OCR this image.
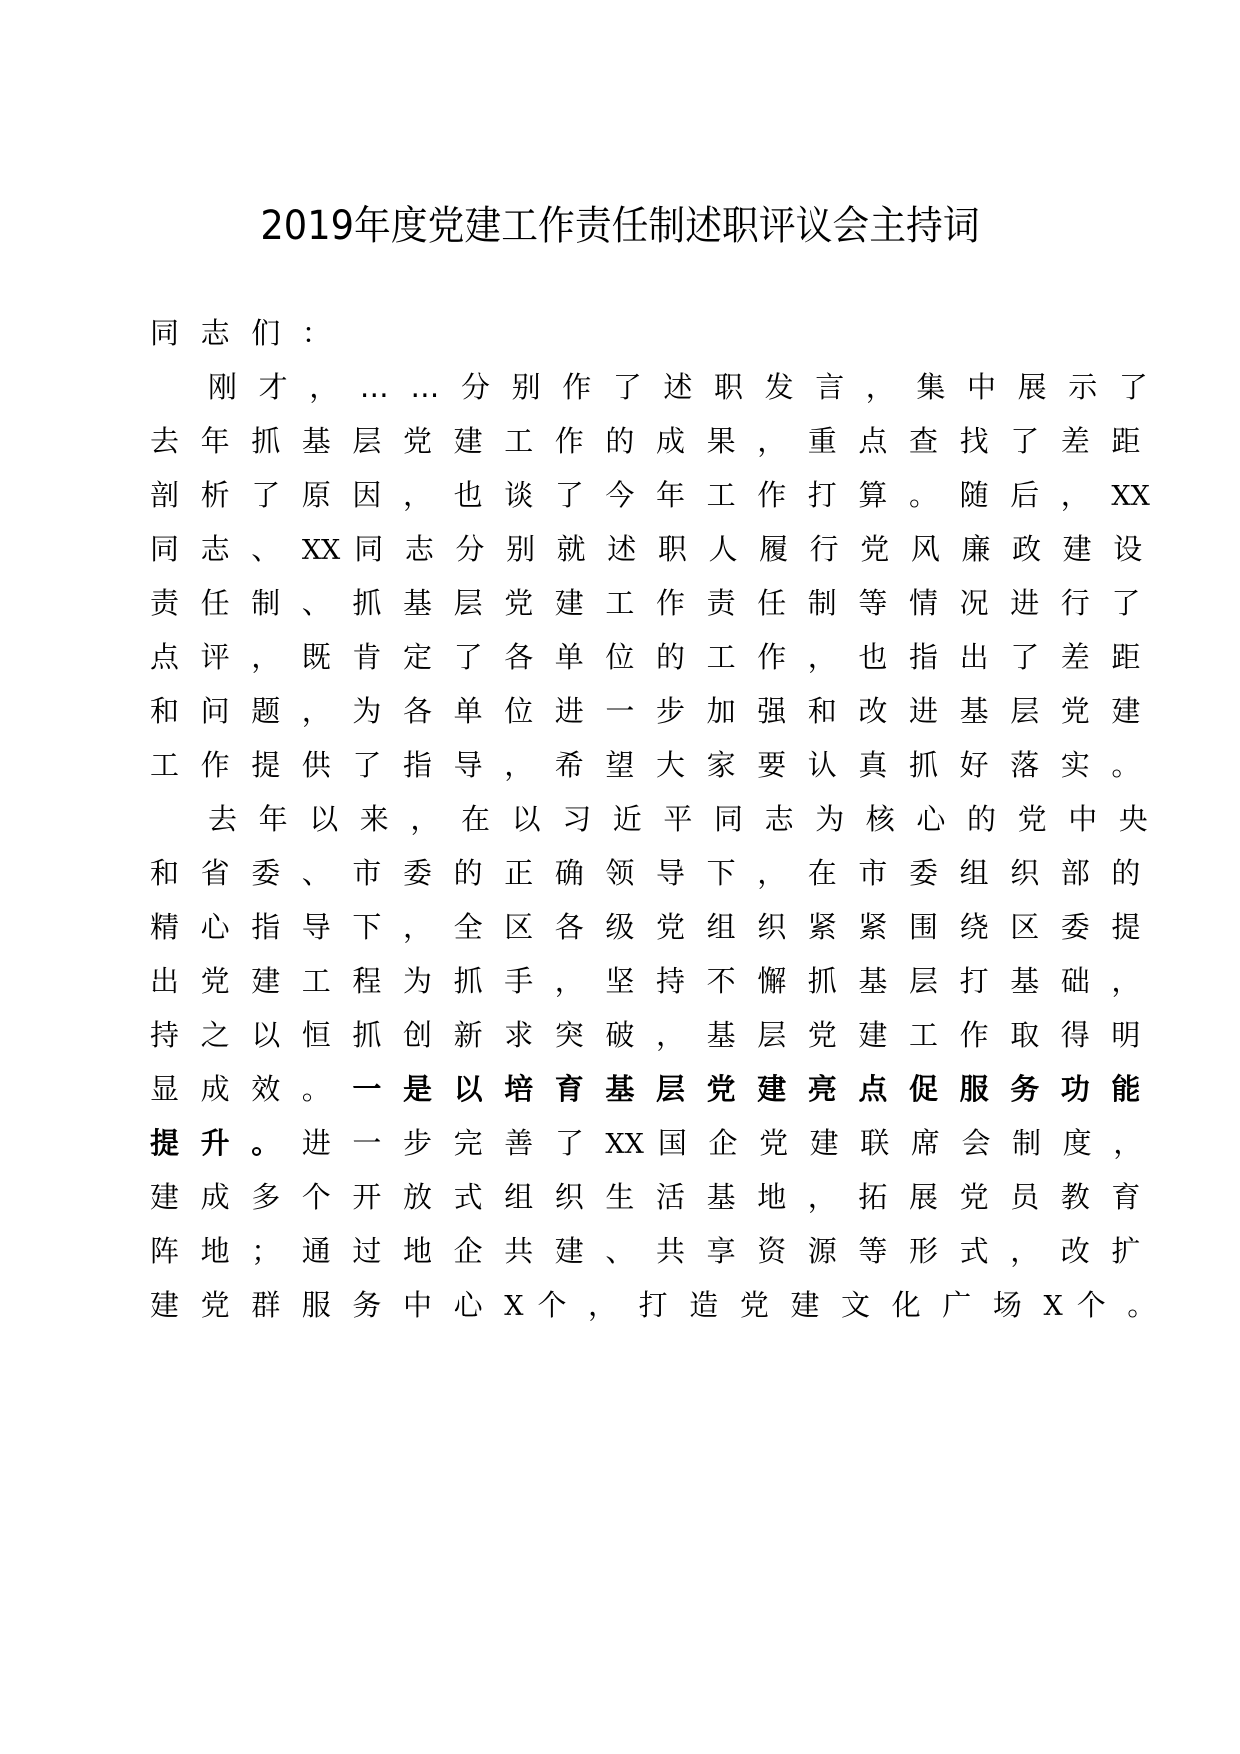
2019年度党建工作责任制述职评议会主持词
同志们：
刚才，……分别作了述职发言，集中展示了
去年抓基层党建工作的成果，重点查找了差距
剖析了原因，也谈了今年工作打算。随后，XX
同志、XX 同志分别就述职人履行党风廉政建设
责任制、抓基层党建工作责任制等情况进行了
点评，既肯定了各单位的工作，也指出了差距
和问题，为各单位进一步加强和改进基层党建
工作提供了指导，希望大家要认真抓好落实。
去年以来，在以习近平同志为核心的党中央
和省委、市委的正确领导下，在市委组织部的
精心指导下，全区各级党组织紧紧围绕区委提
出党建工程为抓手，坚持不懈抓基层打基础，
持之以恒抓创新求突破，基层党建工作取得明
显成效。一是以培育基层党建亮点促服务功能
提升。进一步完善了XX 国企党建联席会制度，
建成多个开放式组织生活基地，拓展党员教育
阵地；通过地企共建、共享资源等形式，改扩
建党群服务中心X 个，打造党建文化广场X 个。
